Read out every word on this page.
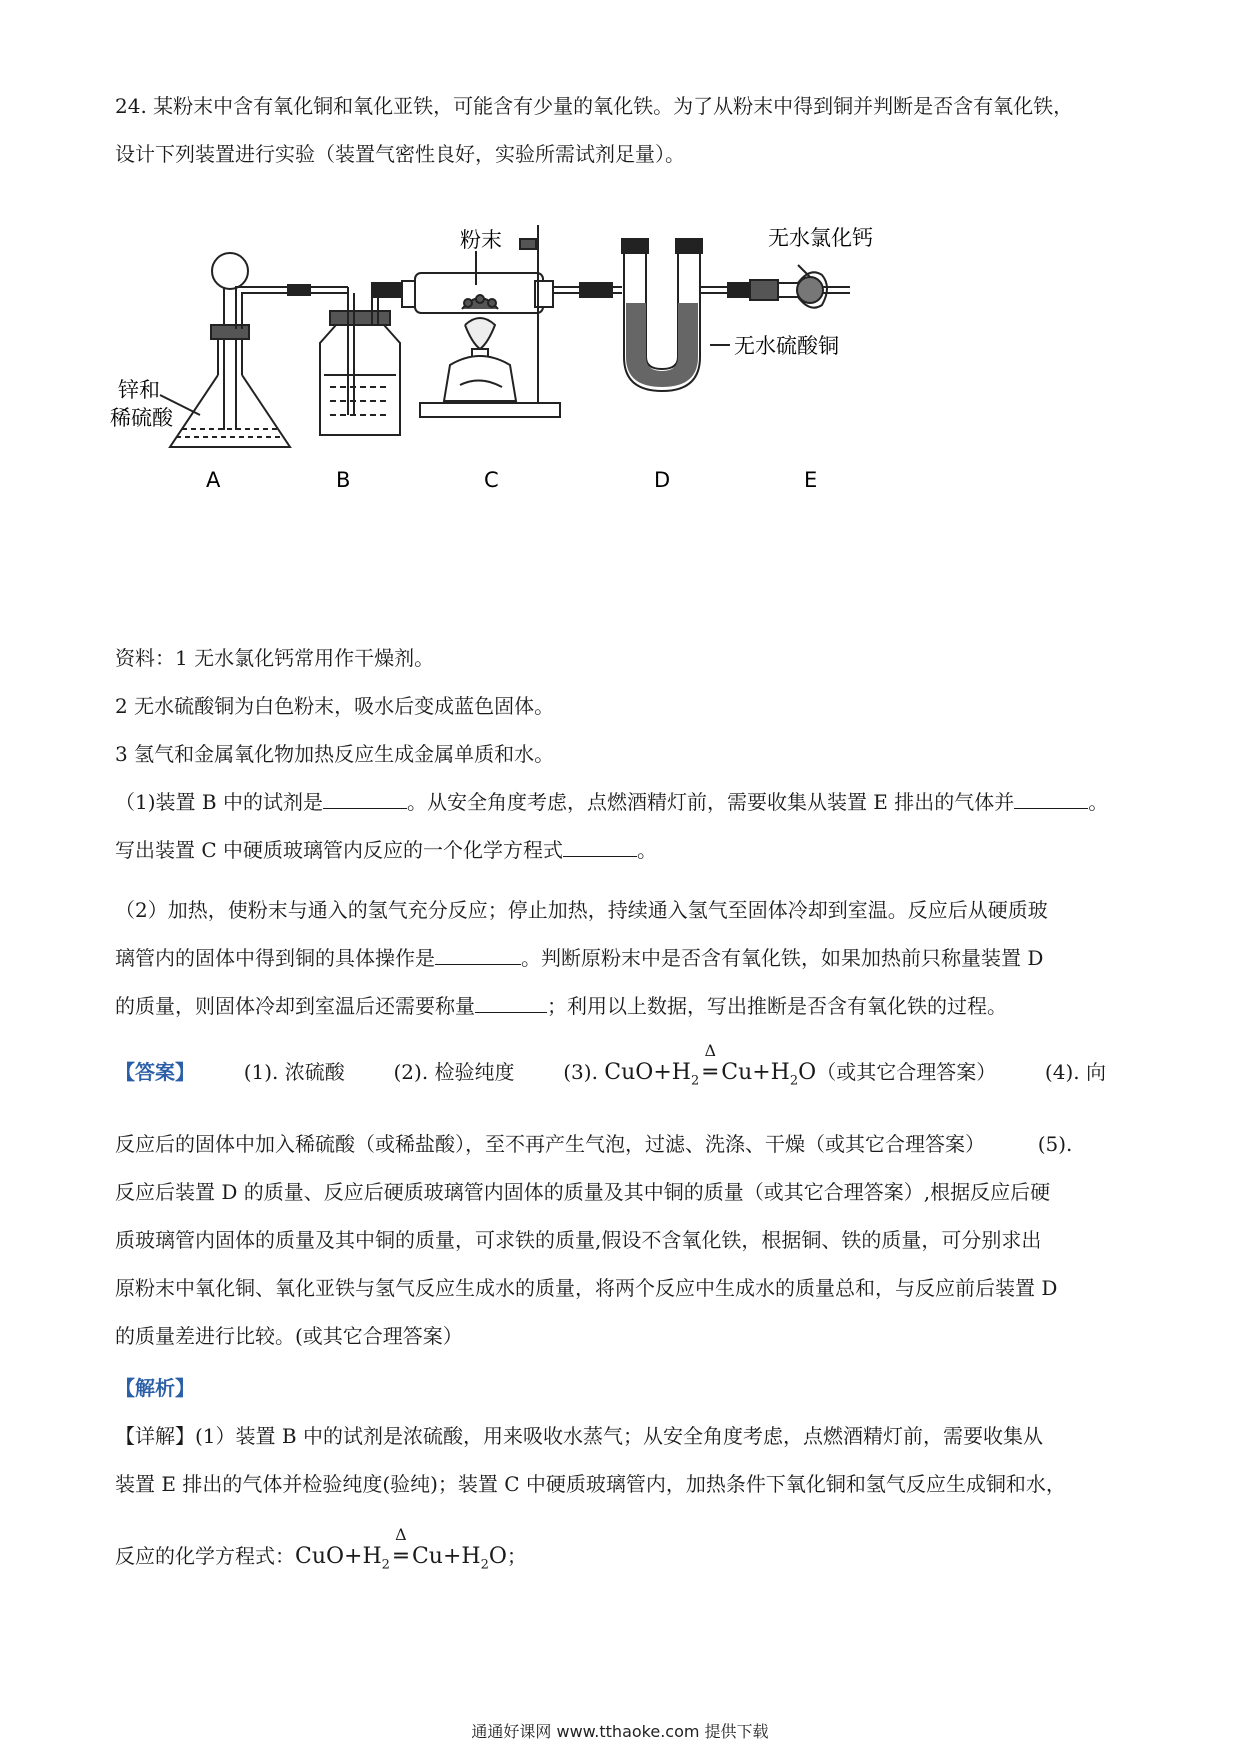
24. 某粉末中含有氧化铜和氧化亚铁，可能含有少量的氧化铁。为了从粉末中得到铜并判断是否含有氧化铁，
设计下列装置进行实验（装置气密性良好，实验所需试剂足量）。
粉末	无水氯化钙
无水硫酸铜
锌和
稀硫酸
A	B	C	D	E
资料：1 无水氯化钙常用作干燥剂。
2 无水硫酸铜为白色粉末，吸水后变成蓝色固体。
3 氢气和金属氧化物加热反应生成金属单质和水。
（1)装置 B 中的试剂是	。从安全角度考虑，点燃酒精灯前，需要收集从装置 E 排出的气体并	。
写出装置 C 中硬质玻璃管内反应的一个化学方程式	。
（2）加热，使粉末与通入的氢气充分反应；停止加热，持续通入氢气至固体冷却到室温。反应后从硬质玻
璃管内的固体中得到铜的具体操作是	。判断原粉末中是否含有氧化铁，如果加热前只称量装置 D
的质量，则固体冷却到室温后还需要称量	；利用以上数据，写出推断是否含有氧化铁的过程。
【答案】 (1). 浓硫酸 (2). 检验纯度 (3). $CuO+H_2$
Δ
═ $Cu+H_2O$（或其它合理答案） (4). 向
反应后的固体中加入稀硫酸（或稀盐酸），至不再产生气泡，过滤、洗涤、干燥（或其它合理答案）	(5).
反应后装置 D 的质量、反应后硬质玻璃管内固体的质量及其中铜的质量（或其它合理答案）,根据反应后硬
质玻璃管内固体的质量及其中铜的质量，可求铁的质量,假设不含氧化铁，根据铜、铁的质量，可分别求出
原粉末中氧化铜、氧化亚铁与氢气反应生成水的质量，将两个反应中生成水的质量总和，与反应前后装置 D
的质量差进行比较。(或其它合理答案）
【解析】
【详解】(1）装置 B 中的试剂是浓硫酸，用来吸收水蒸气；从安全角度考虑，点燃酒精灯前，需要收集从
装置 E 排出的气体并检验纯度(验纯)；装置 C 中硬质玻璃管内，加热条件下氧化铜和氢气反应生成铜和水，
反应的化学方程式：$CuO+H_2$
Δ
═ $Cu+H_2O$；
通通好课网 www.tthaoke.com 提供下载
